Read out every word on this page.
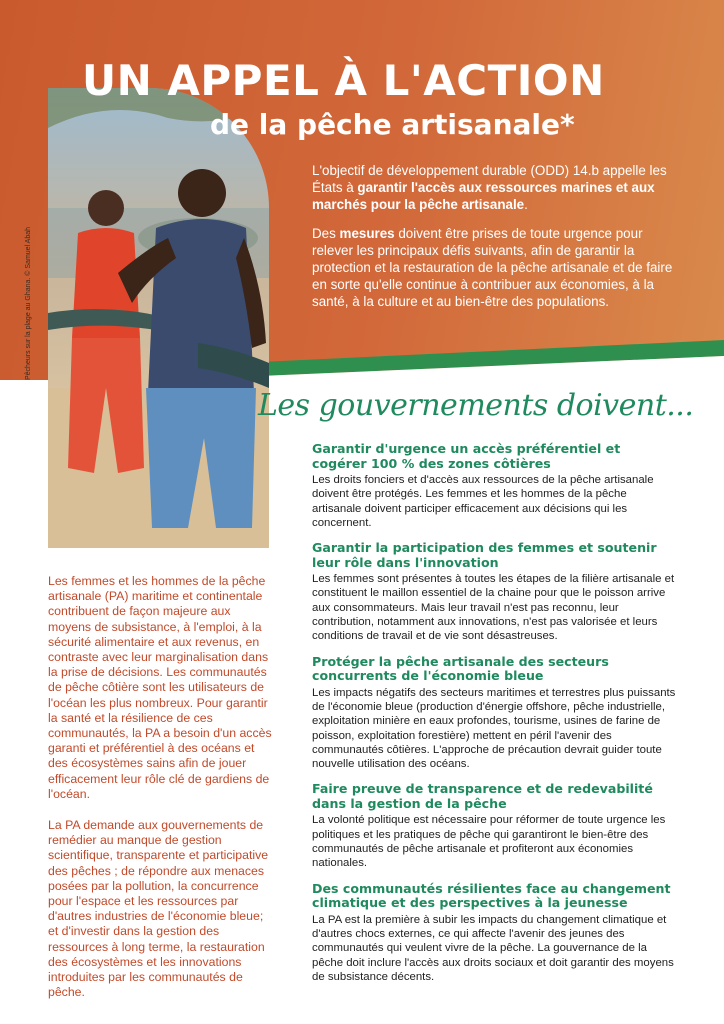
Pêcheurs sur la plage au Ghana. © Samuel Abah
UN APPEL À L'ACTION
de la pêche artisanale*

L'objectif de développement durable (ODD) 14.b appelle les États à garantir l'accès aux ressources marines et aux marchés pour la pêche artisanale.

Des mesures doivent être prises de toute urgence pour relever les principaux défis suivants, afin de garantir la protection et la restauration de la pêche artisanale et de faire en sorte qu'elle continue à contribuer aux économies, à la santé, à la culture et au bien-être des populations.

Les gouvernements doivent...

Les femmes et les hommes de la pêche artisanale (PA) maritime et continentale contribuent de façon majeure aux moyens de subsistance, à l'emploi, à la sécurité alimentaire et aux revenus, en contraste avec leur marginalisation dans la prise de décisions. Les communautés de pêche côtière sont les utilisateurs de l'océan les plus nombreux. Pour garantir la santé et la résilience de ces communautés, la PA a besoin d'un accès garanti et préférentiel à des océans et des écosystèmes sains afin de jouer efficacement leur rôle clé de gardiens de l'océan.

La PA demande aux gouvernements de remédier au manque de gestion scientifique, transparente et participative des pêches ; de répondre aux menaces posées par la pollution, la concurrence pour l'espace et les ressources par d'autres industries de l'économie bleue; et d'investir dans la gestion des ressources à long terme, la restauration des écosystèmes et les innovations introduites par les communautés de pêche.

Garantir d'urgence un accès préférentiel et cogérer 100 % des zones côtières

Les droits fonciers et d'accès aux ressources de la pêche artisanale doivent être protégés. Les femmes et les hommes de la pêche artisanale doivent participer efficacement aux décisions qui les concernent.

Garantir la participation des femmes et soutenir leur rôle dans l'innovation

Les femmes sont présentes à toutes les étapes de la filière artisanale et constituent le maillon essentiel de la chaine pour que le poisson arrive aux consommateurs. Mais leur travail n'est pas reconnu, leur contribution, notamment aux innovations, n'est pas valorisée et leurs conditions de travail et de vie sont désastreuses.

Protéger la pêche artisanale des secteurs concurrents de l'économie bleue

Les impacts négatifs des secteurs maritimes et terrestres plus puissants de l'économie bleue (production d'énergie offshore, pêche industrielle, exploitation minière en eaux profondes, tourisme, usines de farine de poisson, exploitation forestière) mettent en péril l'avenir des communautés côtières. L'approche de précaution devrait guider toute nouvelle utilisation des océans.

Faire preuve de transparence et de redevabilité dans la gestion de la pêche

La volonté politique est nécessaire pour réformer de toute urgence les politiques et les pratiques de pêche qui garantiront le bien-être des communautés de pêche artisanale et profiteront aux économies nationales.

Des communautés résilientes face au changement climatique et des perspectives à la jeunesse

La PA est la première à subir les impacts du changement climatique et d'autres chocs externes, ce qui affecte l'avenir des jeunes des communautés qui veulent vivre de la pêche. La gouvernance de la pêche doit inclure l'accès aux droits sociaux et doit garantir des moyens de subsistance décents.
